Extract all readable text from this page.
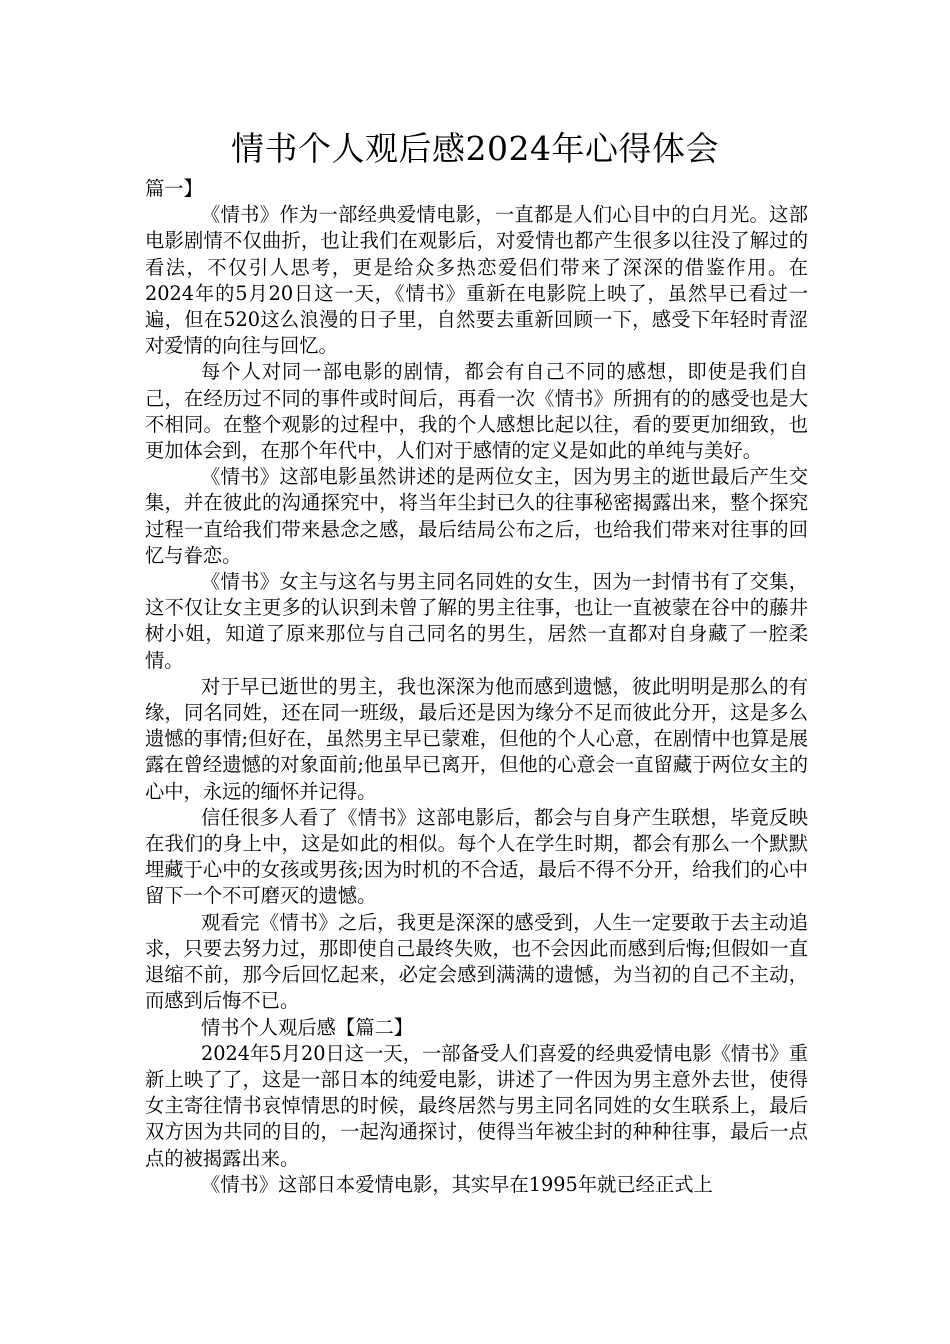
情书个人观后感2024年心得体会

篇一】

《情书》作为一部经典爱情电影，一直都是人们心目中的白月光。这部电影剧情不仅曲折，也让我们在观影后，对爱情也都产生很多以往没了解过的看法，不仅引人思考，更是给众多热恋爱侣们带来了深深的借鉴作用。在2024年的5月20日这一天，《情书》重新在电影院上映了，虽然早已看过一遍，但在520这么浪漫的日子里，自然要去重新回顾一下，感受下年轻时青涩对爱情的向往与回忆。

每个人对同一部电影的剧情，都会有自己不同的感想，即使是我们自己，在经历过不同的事件或时间后，再看一次《情书》所拥有的的感受也是大不相同。在整个观影的过程中，我的个人感想比起以往，看的要更加细致，也更加体会到，在那个年代中，人们对于感情的定义是如此的单纯与美好。

《情书》这部电影虽然讲述的是两位女主，因为男主的逝世最后产生交集，并在彼此的沟通探究中，将当年尘封已久的往事秘密揭露出来，整个探究过程一直给我们带来悬念之感，最后结局公布之后，也给我们带来对往事的回忆与眷恋。

《情书》女主与这名与男主同名同姓的女生，因为一封情书有了交集，这不仅让女主更多的认识到未曾了解的男主往事，也让一直被蒙在谷中的藤井树小姐，知道了原来那位与自己同名的男生，居然一直都对自身藏了一腔柔情。

对于早已逝世的男主，我也深深为他而感到遗憾，彼此明明是那么的有缘，同名同姓，还在同一班级，最后还是因为缘分不足而彼此分开，这是多么遗憾的事情;但好在，虽然男主早已蒙难，但他的个人心意，在剧情中也算是展露在曾经遗憾的对象面前;他虽早已离开，但他的心意会一直留藏于两位女主的心中，永远的缅怀并记得。

信任很多人看了《情书》这部电影后，都会与自身产生联想，毕竟反映在我们的身上中，这是如此的相似。每个人在学生时期，都会有那么一个默默埋藏于心中的女孩或男孩;因为时机的不合适，最后不得不分开，给我们的心中留下一个不可磨灭的遗憾。

观看完《情书》之后，我更是深深的感受到，人生一定要敢于去主动追求，只要去努力过，那即使自己最终失败，也不会因此而感到后悔;但假如一直退缩不前，那今后回忆起来，必定会感到满满的遗憾，为当初的自己不主动，而感到后悔不已。

情书个人观后感【篇二】

2024年5月20日这一天，一部备受人们喜爱的经典爱情电影《情书》重新上映了了，这是一部日本的纯爱电影，讲述了一件因为男主意外去世，使得女主寄往情书哀悼情思的时候，最终居然与男主同名同姓的女生联系上，最后双方因为共同的目的，一起沟通探讨，使得当年被尘封的种种往事，最后一点点的被揭露出来。

《情书》这部日本爱情电影，其实早在1995年就已经正式上
